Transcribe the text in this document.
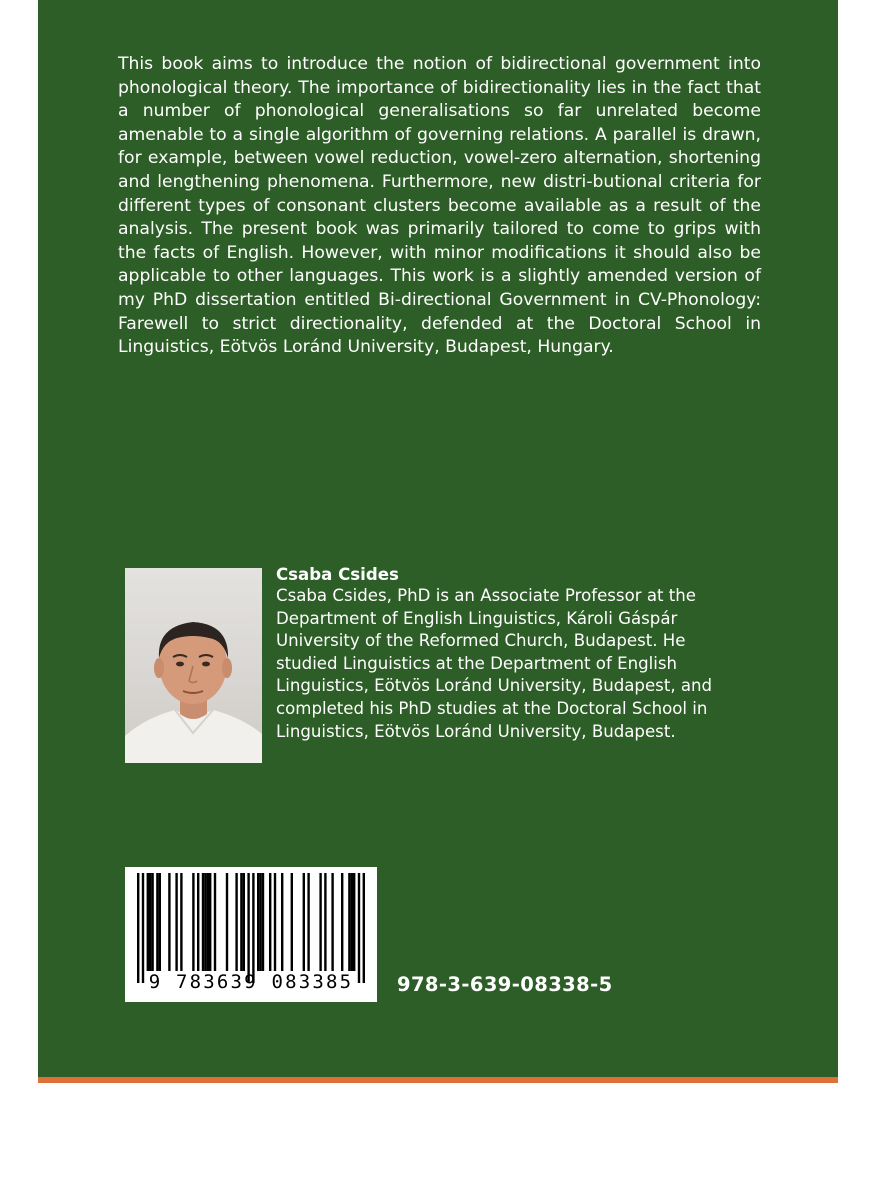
This book aims to introduce the notion of bidirectional government into phonological theory. The importance of bidirectionality lies in the fact that a number of phonological generalisations so far unrelated become amenable to a single algorithm of governing relations. A parallel is drawn, for example, between vowel reduction, vowel-zero alternation, shortening and lengthening phenomena. Furthermore, new distri-butional criteria for different types of consonant clusters become available as a result of the analysis. The present book was primarily tailored to come to grips with the facts of English. However, with minor modifications it should also be applicable to other languages. This work is a slightly amended version of my PhD dissertation entitled Bi-directional Government in CV-Phonology: Farewell to strict directionality, defended at the Doctoral School in Linguistics, Eötvös Loránd University, Budapest, Hungary.

Csaba Csides

Csaba Csides, PhD is an Associate Professor at the Department of English Linguistics, Károli Gáspár University of the Reformed Church, Budapest. He studied Linguistics at the Department of English Linguistics, Eötvös Loránd University, Budapest, and completed his PhD studies at the Doctoral School in Linguistics, Eötvös Loránd University, Budapest.

9 783639 083385	978-3-639-08338-5
